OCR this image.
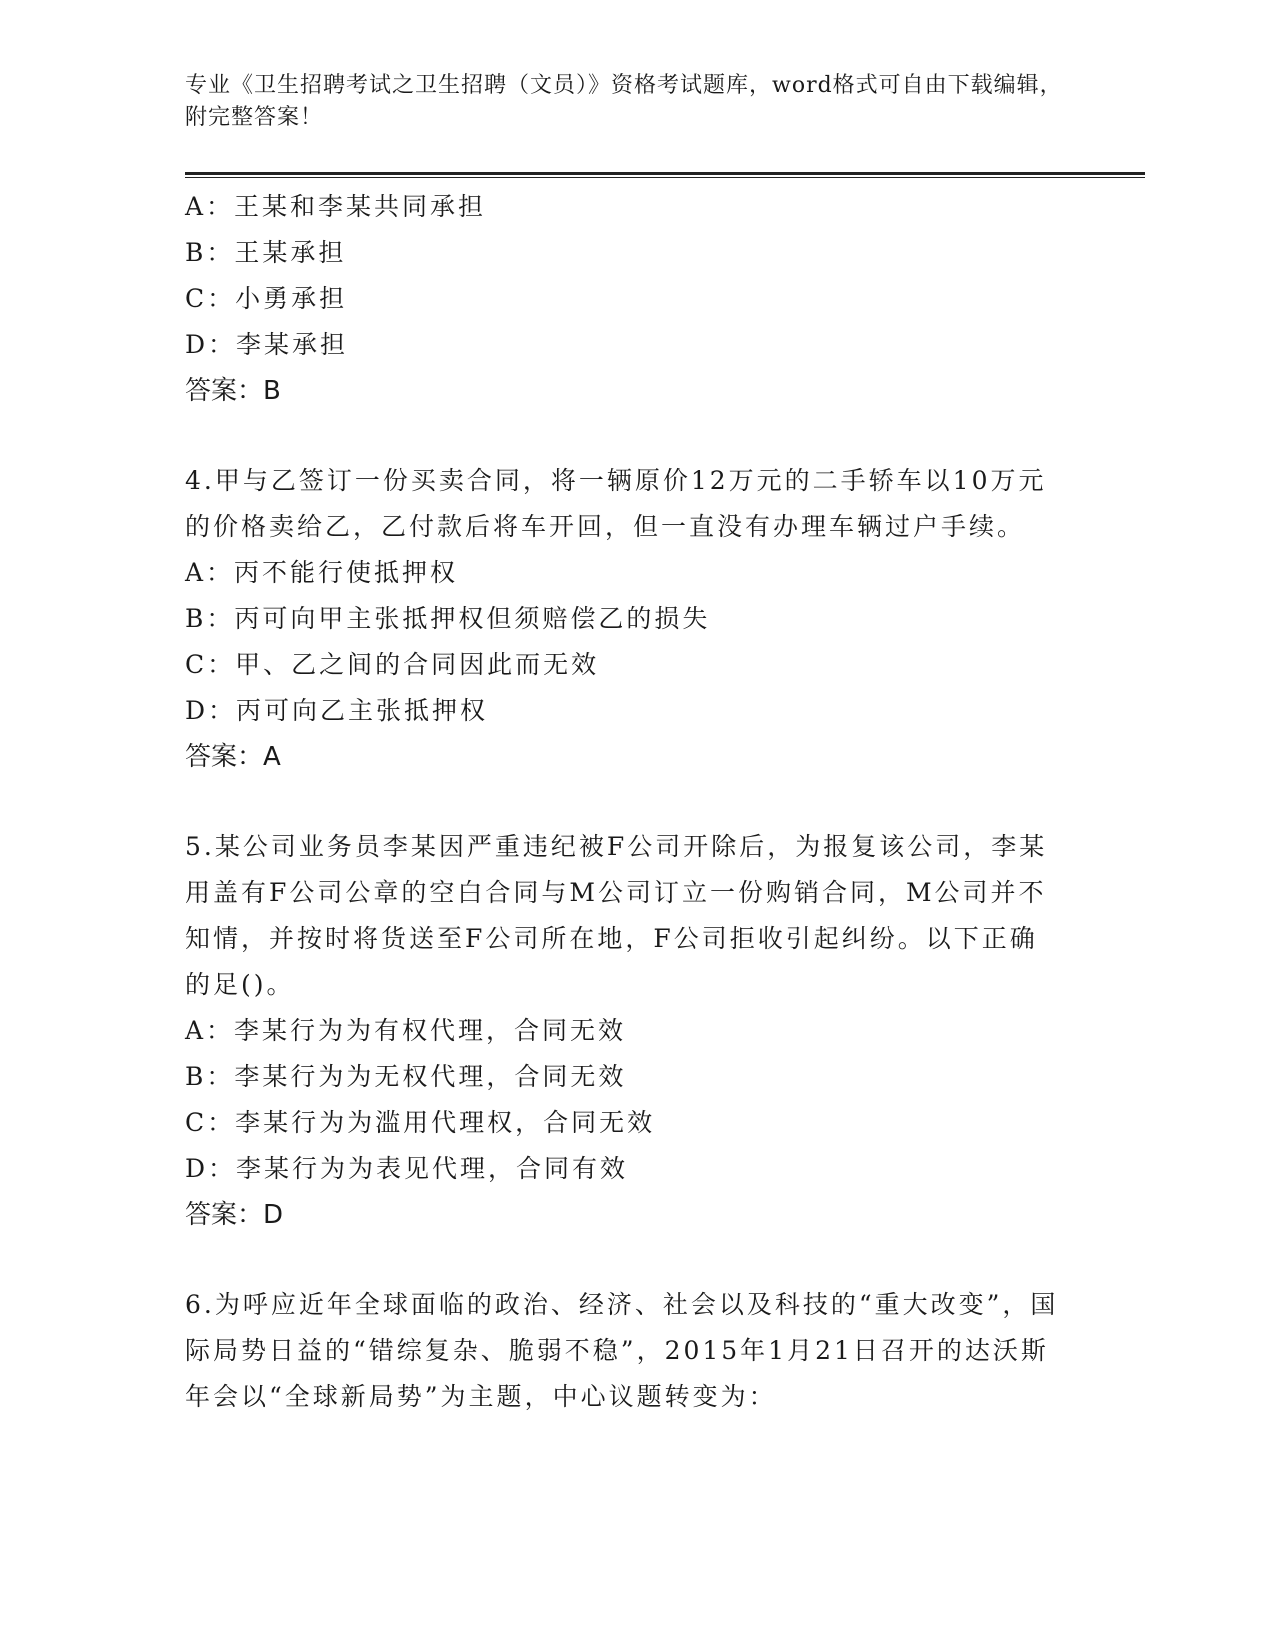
专业《卫生招聘考试之卫生招聘（文员）》资格考试题库，word格式可自由下载编辑，附完整答案！
A：王某和李某共同承担
B：王某承担
C：小勇承担
D：李某承担
答案：B
4.甲与乙签订一份买卖合同，将一辆原价12万元的二手轿车以10万元的价格卖给乙，乙付款后将车开回，但一直没有办理车辆过户手续。
A：丙不能行使抵押权
B：丙可向甲主张抵押权但须赔偿乙的损失
C：甲、乙之间的合同因此而无效
D：丙可向乙主张抵押权
答案：A
5.某公司业务员李某因严重违纪被F公司开除后，为报复该公司，李某用盖有F公司公章的空白合同与M公司订立一份购销合同，M公司并不知情，并按时将货送至F公司所在地，F公司拒收引起纠纷。以下正确的足()。
A：李某行为为有权代理，合同无效
B：李某行为为无权代理，合同无效
C：李某行为为滥用代理权，合同无效
D：李某行为为表见代理，合同有效
答案：D
6.为呼应近年全球面临的政治、经济、社会以及科技的“重大改变”，国际局势日益的“错综复杂、脆弱不稳”，2015年1月21日召开的达沃斯年会以“全球新局势”为主题，中心议题转变为：
